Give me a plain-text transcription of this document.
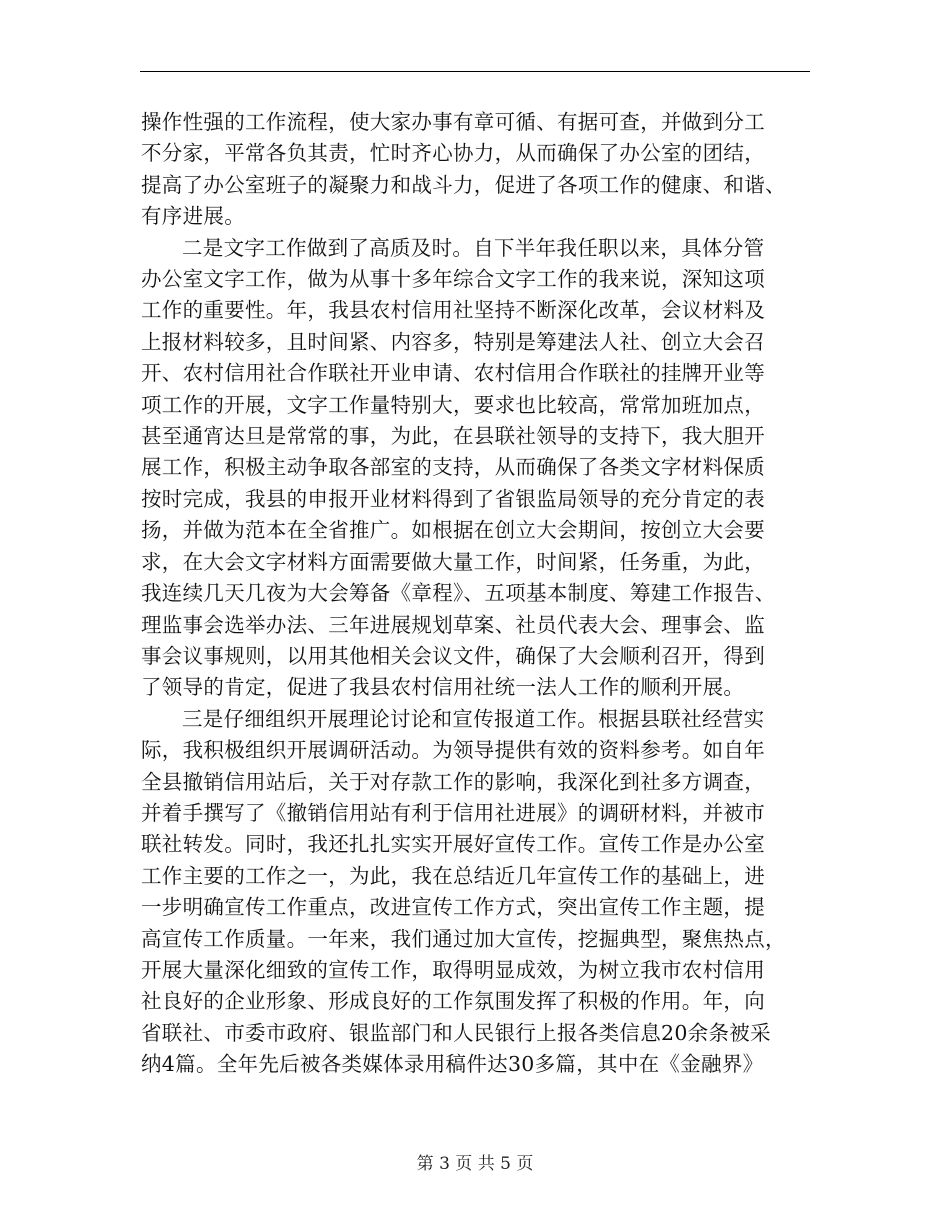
操作性强的工作流程，使大家办事有章可循、有据可查，并做到分工
不分家，平常各负其责，忙时齐心协力，从而确保了办公室的团结，
提高了办公室班子的凝聚力和战斗力，促进了各项工作的健康、和谐、
有序进展。
二是文字工作做到了高质及时。自下半年我任职以来，具体分管
办公室文字工作，做为从事十多年综合文字工作的我来说，深知这项
工作的重要性。年，我县农村信用社坚持不断深化改革，会议材料及
上报材料较多，且时间紧、内容多，特别是筹建法人社、创立大会召
开、农村信用社合作联社开业申请、农村信用合作联社的挂牌开业等
项工作的开展，文字工作量特别大，要求也比较高，常常加班加点，
甚至通宵达旦是常常的事，为此，在县联社领导的支持下，我大胆开
展工作，积极主动争取各部室的支持，从而确保了各类文字材料保质
按时完成，我县的申报开业材料得到了省银监局领导的充分肯定的表
扬，并做为范本在全省推广。如根据在创立大会期间，按创立大会要
求，在大会文字材料方面需要做大量工作，时间紧，任务重，为此，
我连续几天几夜为大会筹备《章程》、五项基本制度、筹建工作报告、
理监事会选举办法、三年进展规划草案、社员代表大会、理事会、监
事会议事规则，以用其他相关会议文件，确保了大会顺利召开，得到
了领导的肯定，促进了我县农村信用社统一法人工作的顺利开展。
三是仔细组织开展理论讨论和宣传报道工作。根据县联社经营实
际，我积极组织开展调研活动。为领导提供有效的资料参考。如自年
全县撤销信用站后，关于对存款工作的影响，我深化到社多方调查，
并着手撰写了《撤销信用站有利于信用社进展》的调研材料，并被市
联社转发。同时，我还扎扎实实开展好宣传工作。宣传工作是办公室
工作主要的工作之一，为此，我在总结近几年宣传工作的基础上，进
一步明确宣传工作重点，改进宣传工作方式，突出宣传工作主题，提
高宣传工作质量。一年来，我们通过加大宣传，挖掘典型，聚焦热点，
开展大量深化细致的宣传工作，取得明显成效，为树立我市农村信用
社良好的企业形象、形成良好的工作氛围发挥了积极的作用。年，向
省联社、市委市政府、银监部门和人民银行上报各类信息20余条被采
纳4篇。全年先后被各类媒体录用稿件达30多篇，其中在《金融界》
第 3 页 共 5 页
